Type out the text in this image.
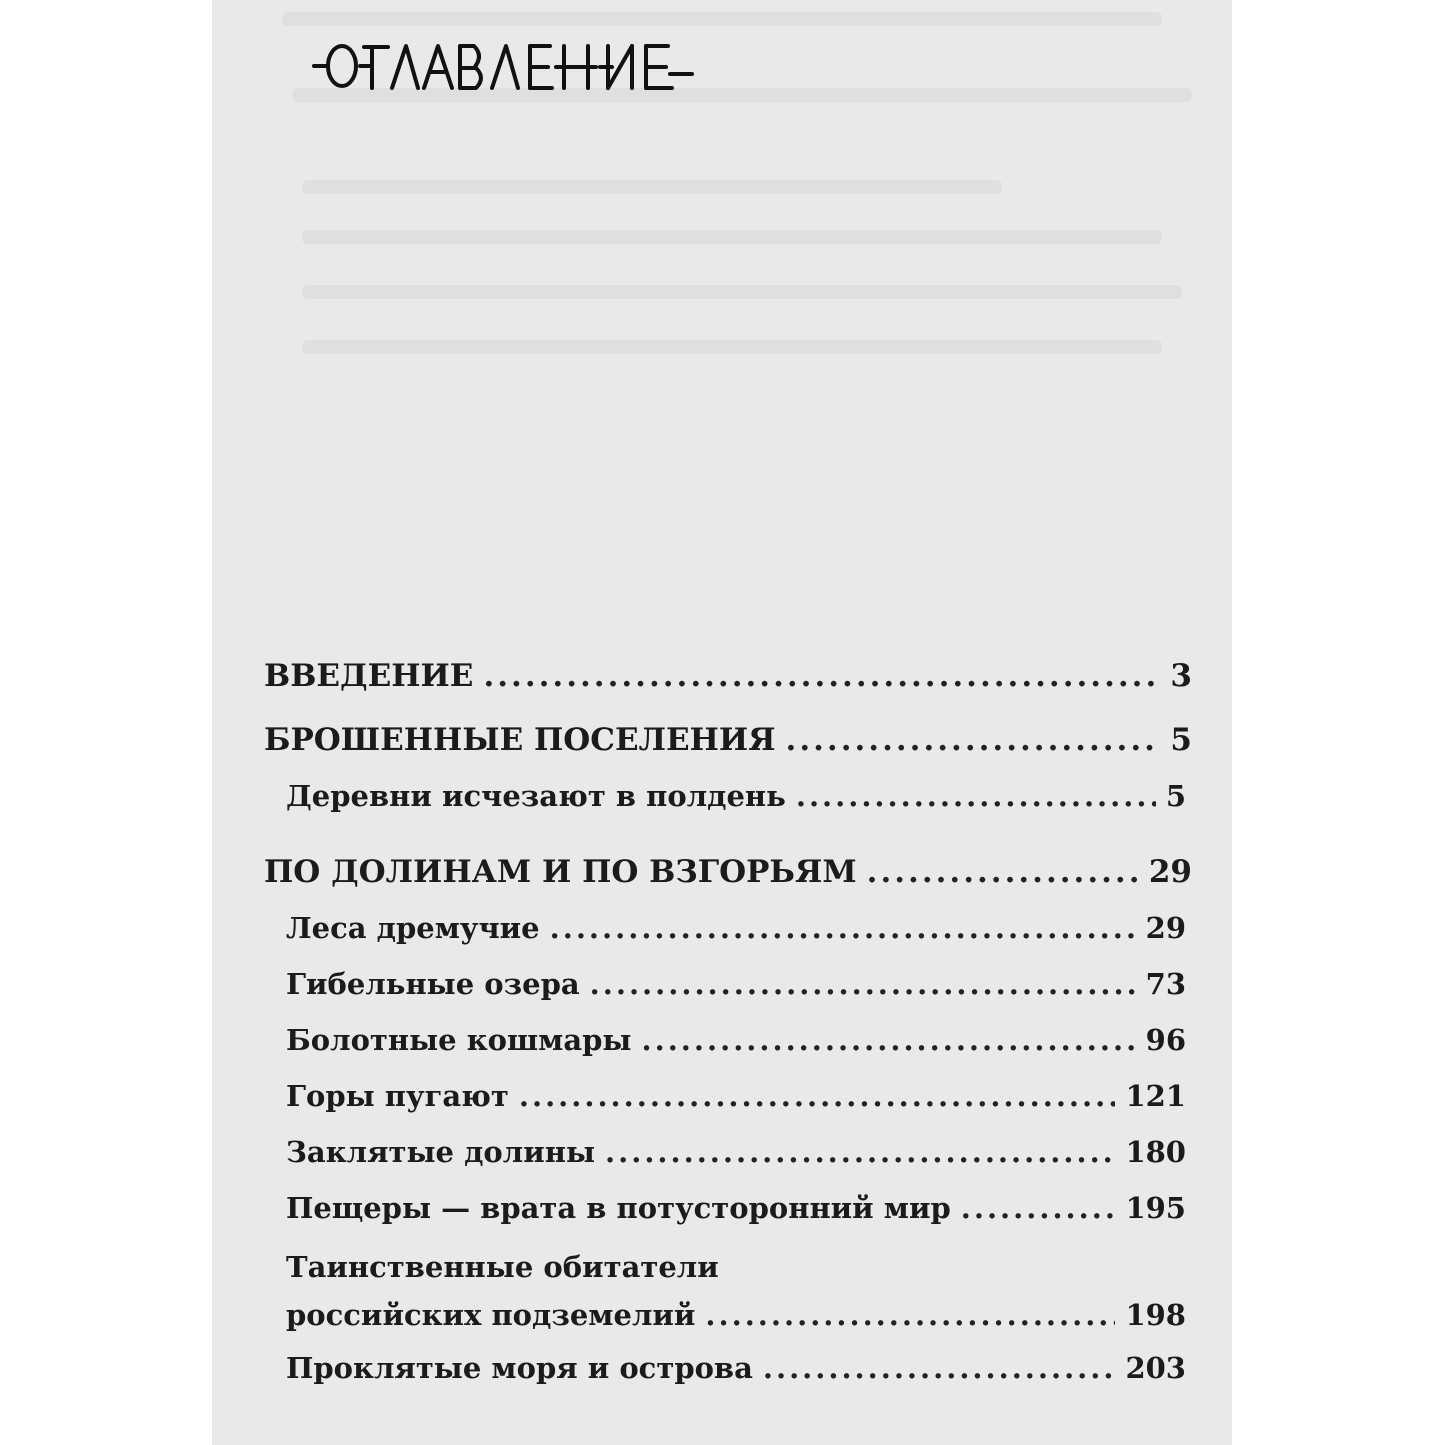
ВВЕДЕНИЕ .....	3
БРОШЕННЫЕ ПОСЕЛЕНИЯ .....	5
Деревни исчезают в полдень .....	5
ПО ДОЛИНАМ И ПО ВЗГОРЬЯМ .....	29
Леса дремучие .....	29
Гибельные озера .....	73
Болотные кошмары .....	96
Горы пугают .....	121
Заклятые долины .....	180
Пещеры — врата в потусторонний мир .....	195
Таинственные обитатели
российских подземелий .....	198
Проклятые моря и острова .....	203
